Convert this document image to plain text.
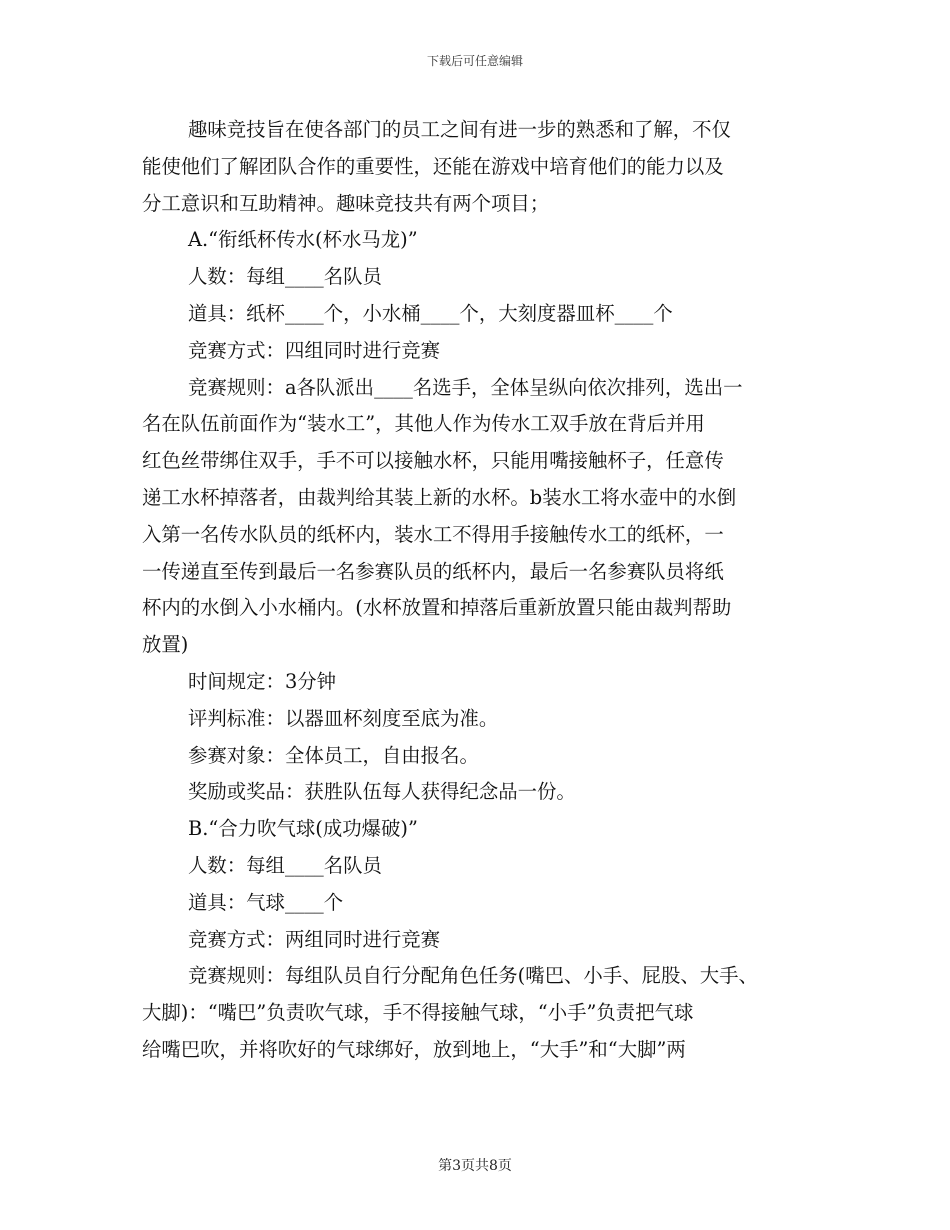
下载后可任意编辑
趣味竞技旨在使各部门的员工之间有进一步的熟悉和了解，不仅
能使他们了解团队合作的重要性，还能在游戏中培育他们的能力以及
分工意识和互助精神。趣味竞技共有两个项目；
A.“衔纸杯传水(杯水马龙)”
人数：每组____名队员
道具：纸杯____个，小水桶____个，大刻度器皿杯____个
竞赛方式：四组同时进行竞赛
竞赛规则：a各队派出____名选手，全体呈纵向依次排列，选出一
名在队伍前面作为“装水工”，其他人作为传水工双手放在背后并用
红色丝带绑住双手，手不可以接触水杯，只能用嘴接触杯子，任意传
递工水杯掉落者，由裁判给其装上新的水杯。b装水工将水壶中的水倒
入第一名传水队员的纸杯内，装水工不得用手接触传水工的纸杯，一
一传递直至传到最后一名参赛队员的纸杯内，最后一名参赛队员将纸
杯内的水倒入小水桶内。(水杯放置和掉落后重新放置只能由裁判帮助
放置)
时间规定：3分钟
评判标准：以器皿杯刻度至底为准。
参赛对象：全体员工，自由报名。
奖励或奖品：获胜队伍每人获得纪念品一份。
B.“合力吹气球(成功爆破)”
人数：每组____名队员
道具：气球____个
竞赛方式：两组同时进行竞赛
竞赛规则：每组队员自行分配角色任务(嘴巴、小手、屁股、大手、
大脚)：“嘴巴”负责吹气球，手不得接触气球，“小手”负责把气球
给嘴巴吹，并将吹好的气球绑好，放到地上，“大手”和“大脚”两
第3页共8页
